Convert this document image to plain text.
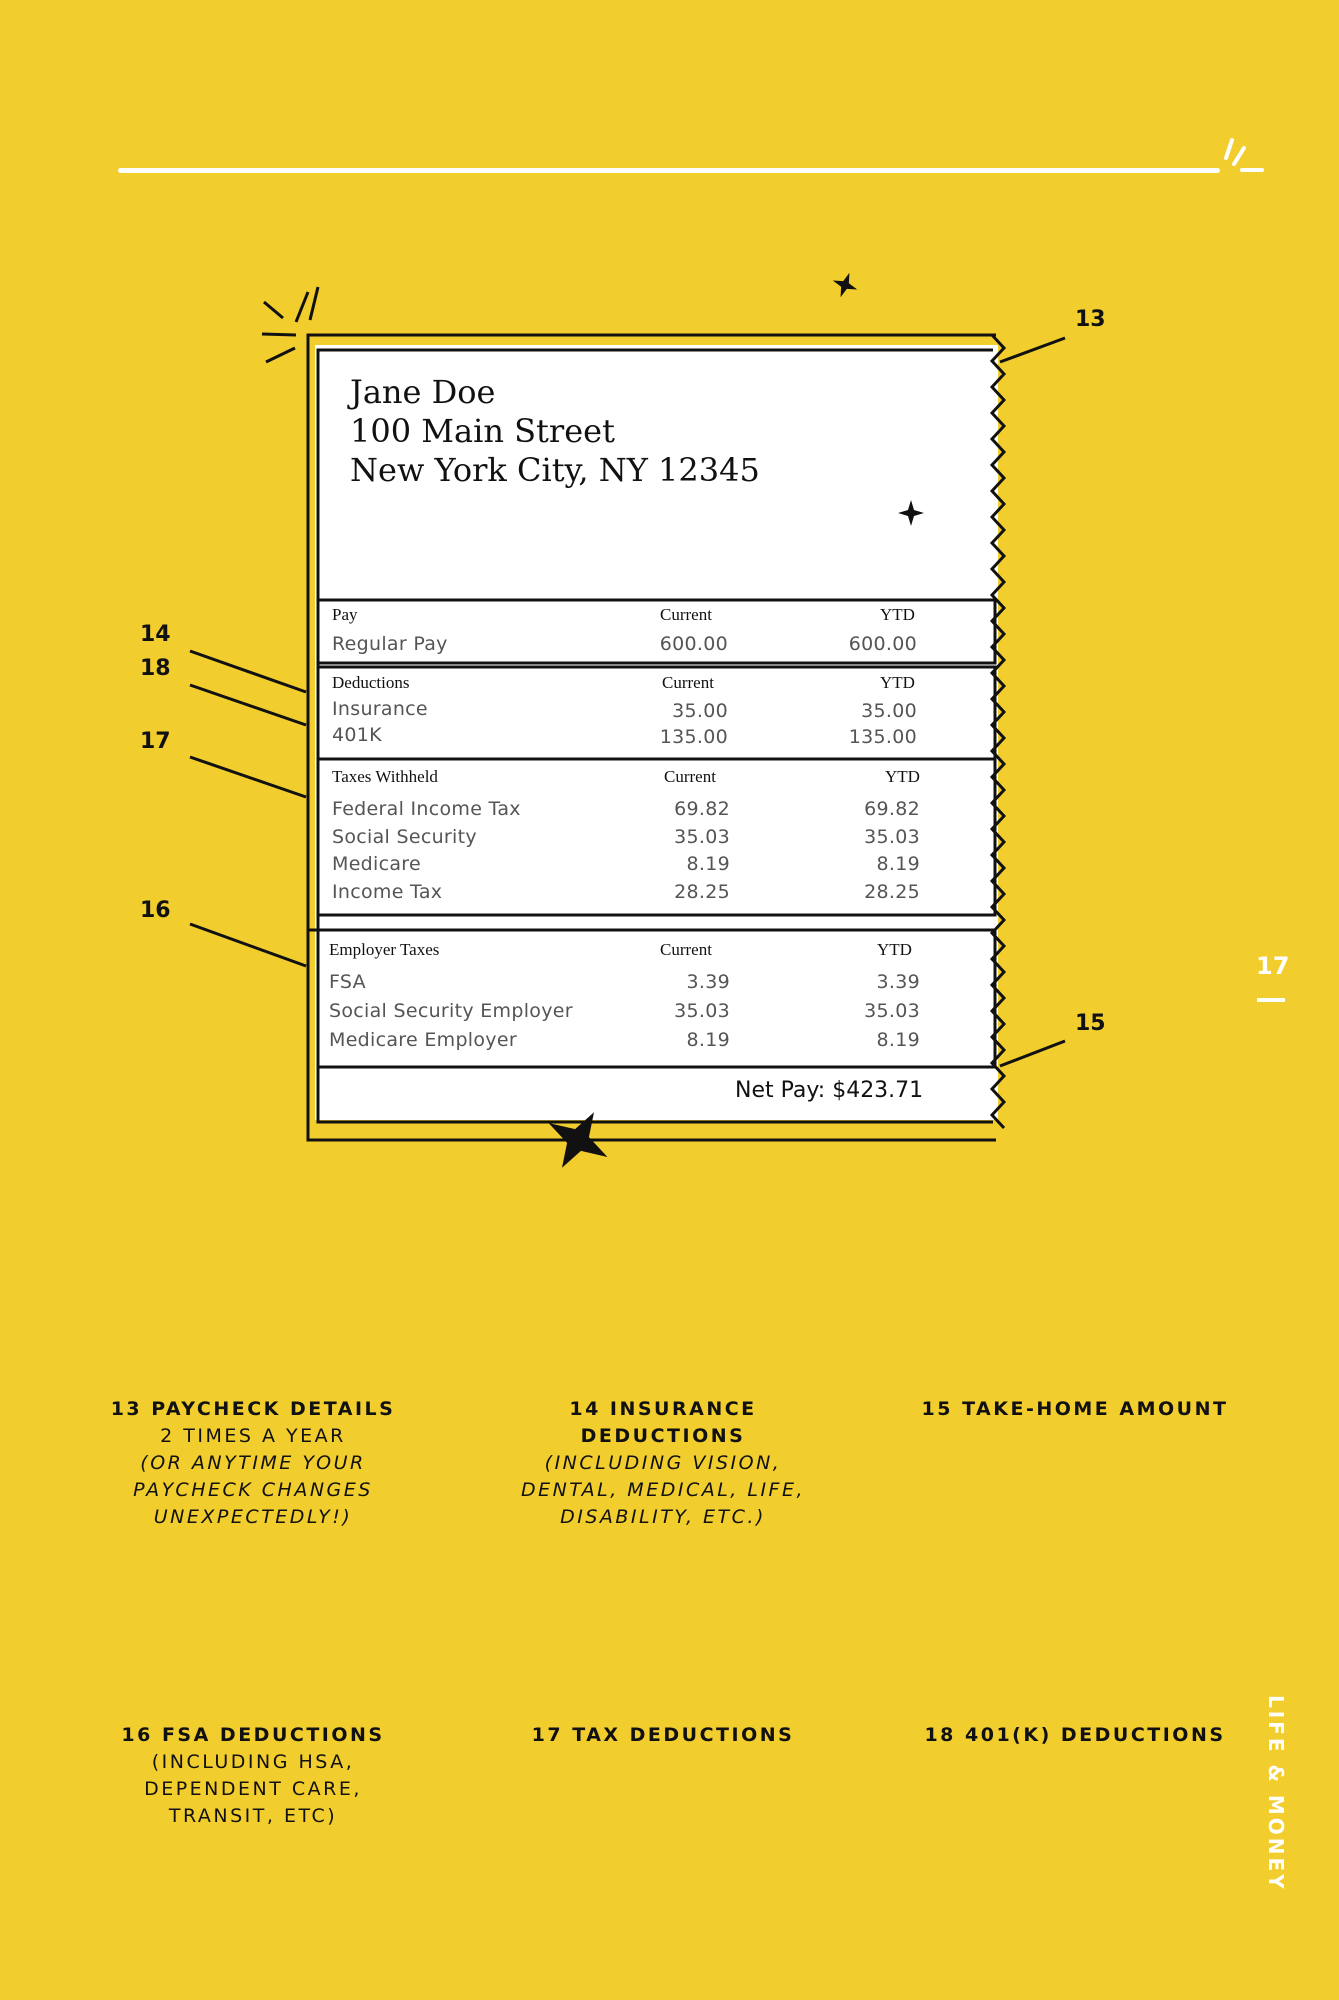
Jane Doe
100 Main Street
New York City, NY 12345
Pay	Current	YTD
Regular Pay	600.00	600.00
Deductions	Current	YTD
Insurance	35.00	35.00
401K	135.00	135.00
Taxes Withheld	Current	YTD
Federal Income Tax	69.82	69.82
Social Security	35.03	35.03
Medicare	8.19	8.19
Income Tax	28.25	28.25
Employer Taxes	Current	YTD
FSA	3.39	3.39
Social Security Employer	35.03	35.03
Medicare Employer	8.19	8.19
Net Pay: $423.71
13
14
18
17
16
15
13 PAYCHECK DETAILS
2 TIMES A YEAR
(OR ANYTIME YOUR
PAYCHECK CHANGES
UNEXPECTEDLY!)
14 INSURANCE
DEDUCTIONS
(INCLUDING VISION,
DENTAL, MEDICAL, LIFE,
DISABILITY, ETC.)
15 TAKE-HOME AMOUNT
16 FSA DEDUCTIONS
(INCLUDING HSA,
DEPENDENT CARE,
TRANSIT, ETC)
17 TAX DEDUCTIONS	18 401(K) DEDUCTIONS
17
LIFE & MONEY
